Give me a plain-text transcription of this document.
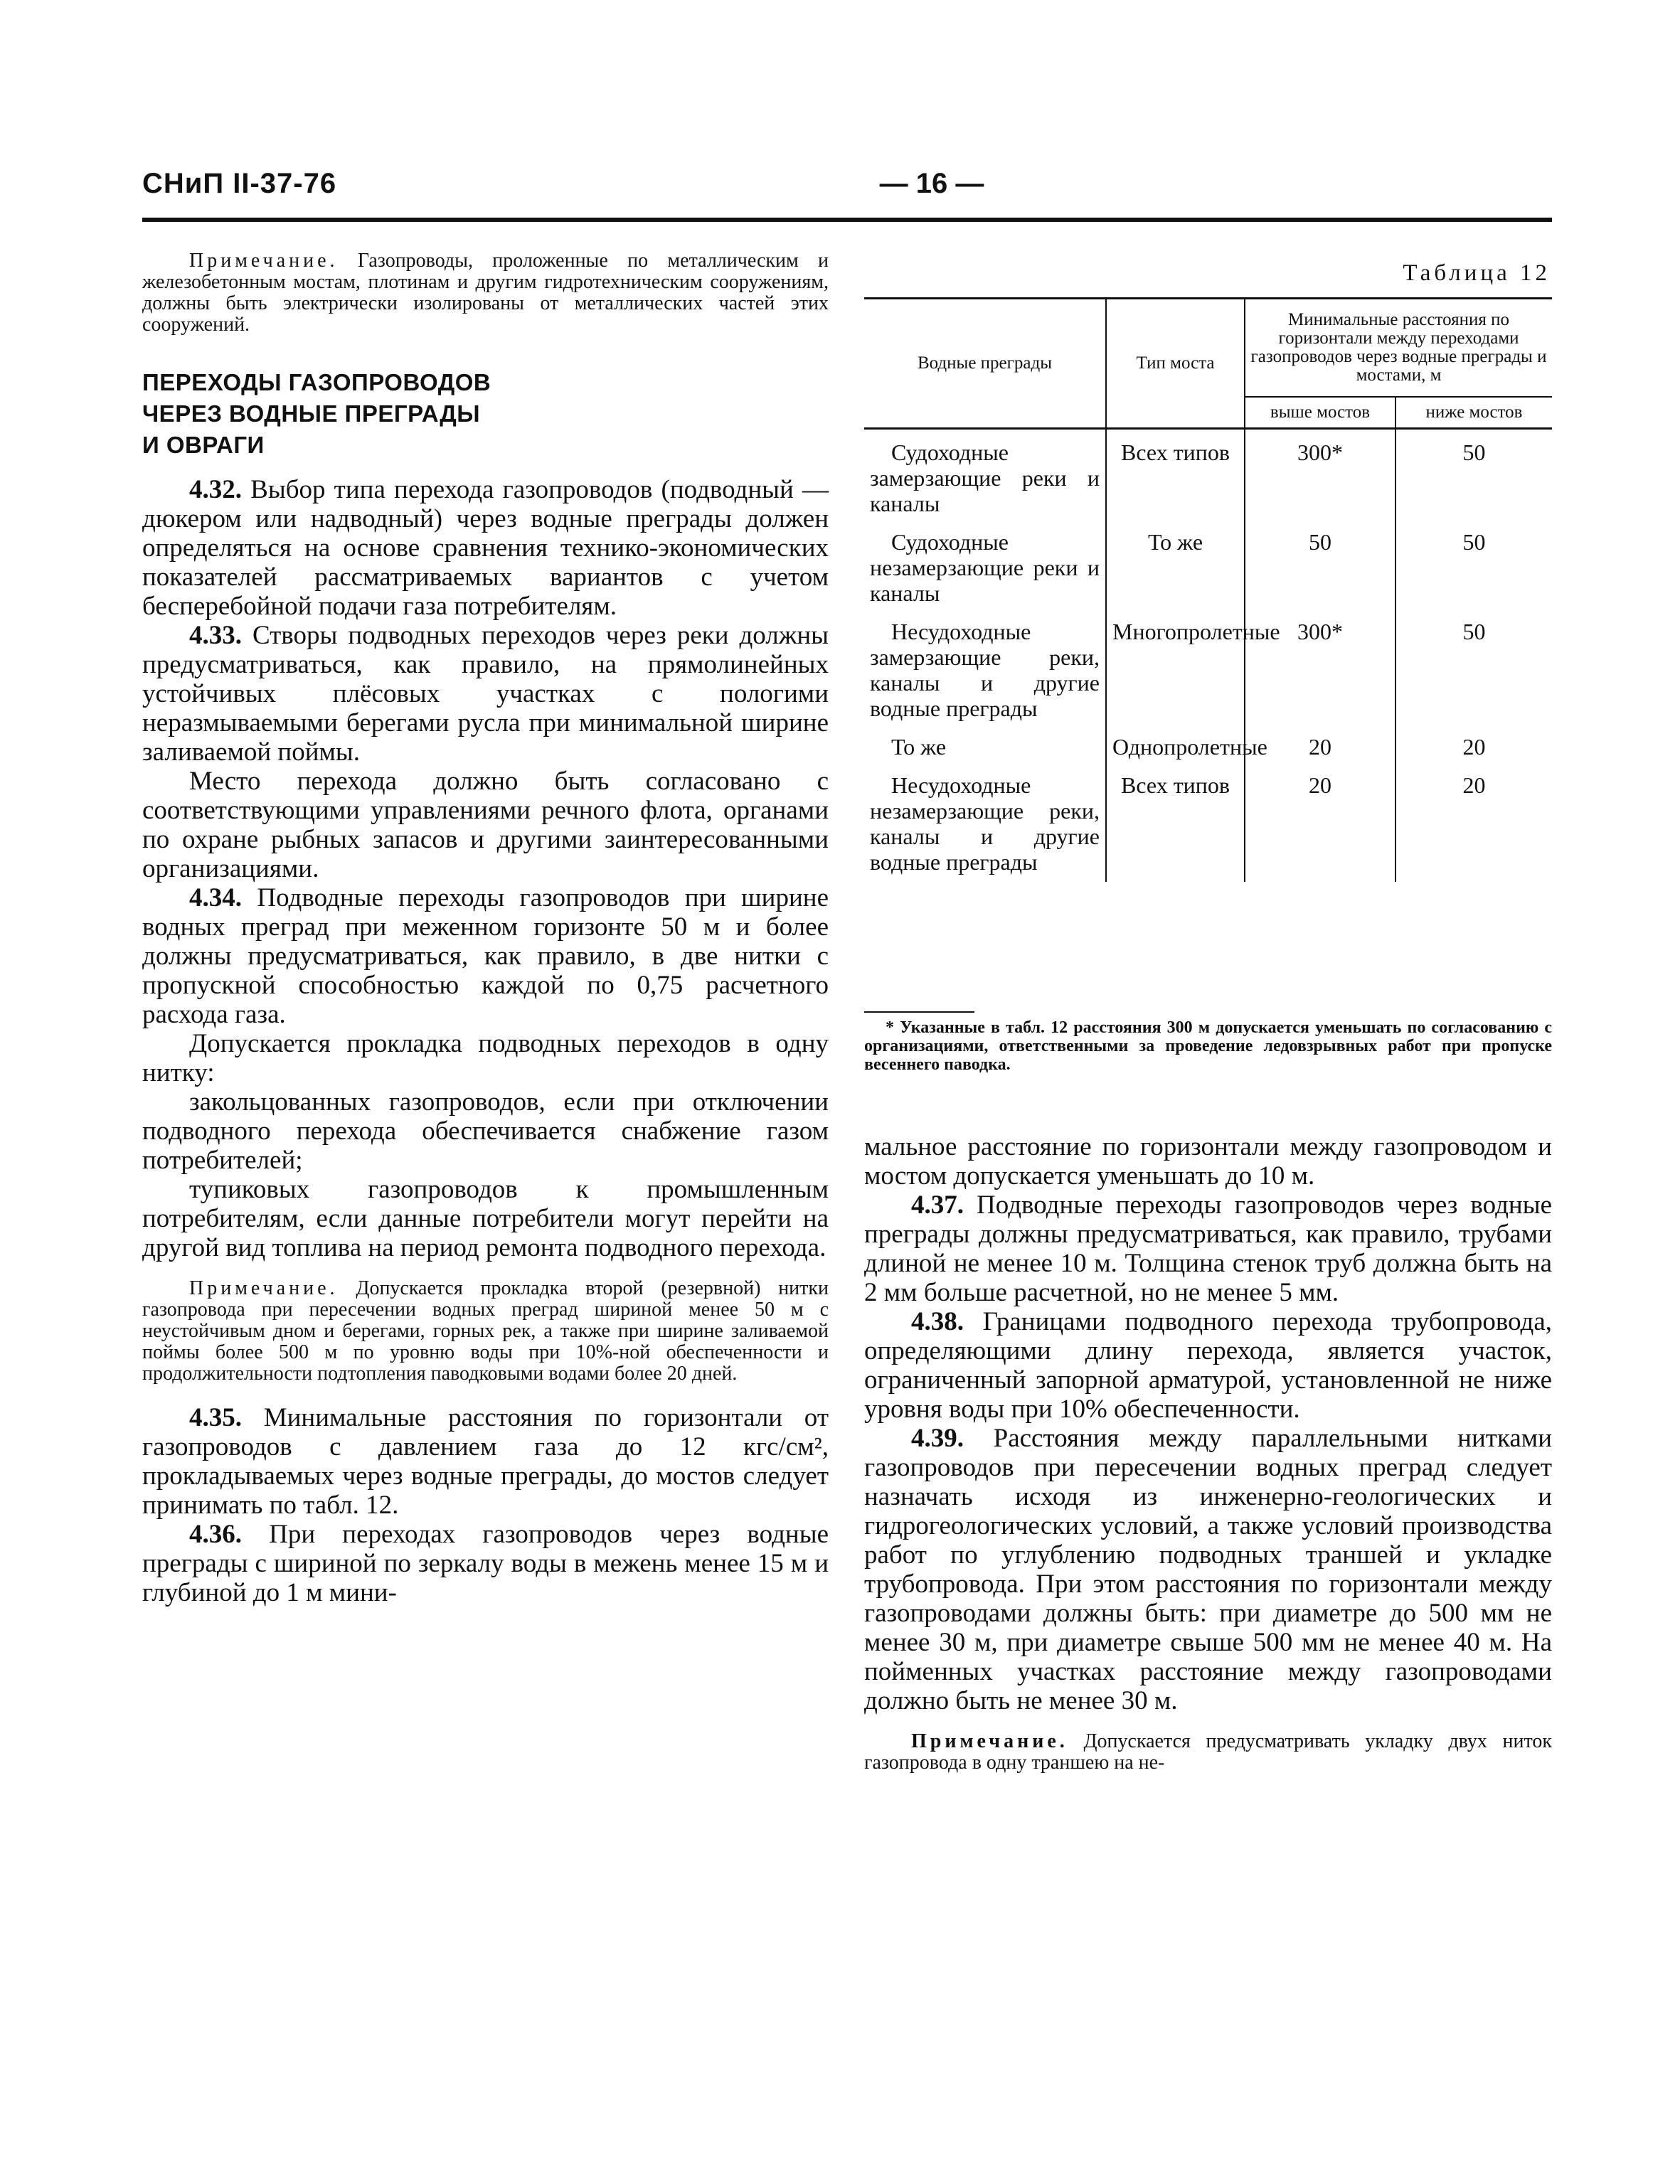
СНиП II-37-76	— 16 —

Примечание. Газопроводы, проложенные по металлическим и железобетонным мостам, плотинам и другим гидротехническим сооружениям, должны быть электрически изолированы от металлических частей этих сооружений.

ПЕРЕХОДЫ ГАЗОПРОВОДОВ

ЧЕРЕЗ ВОДНЫЕ ПРЕГРАДЫ

И ОВРАГИ

4.32. Выбор типа перехода газопроводов (подводный — дюкером или надводный) через водные преграды должен определяться на основе сравнения технико-экономических показателей рассматриваемых вариантов с учетом бесперебойной подачи газа потребителям.

4.33. Створы подводных переходов через реки должны предусматриваться, как правило, на прямолинейных устойчивых плёсовых участках с пологими неразмываемыми берегами русла при минимальной ширине заливаемой поймы.

Место перехода должно быть согласовано с соответствующими управлениями речного флота, органами по охране рыбных запасов и другими заинтересованными организациями.

4.34. Подводные переходы газопроводов при ширине водных преград при меженном горизонте 50 м и более должны предусматриваться, как правило, в две нитки с пропускной способностью каждой по 0,75 расчетного расхода газа.

Допускается прокладка подводных переходов в одну нитку:

закольцованных газопроводов, если при отключении подводного перехода обеспечивается снабжение газом потребителей;

тупиковых газопроводов к промышленным потребителям, если данные потребители могут перейти на другой вид топлива на период ремонта подводного перехода.

Примечание. Допускается прокладка второй (резервной) нитки газопровода при пересечении водных преград шириной менее 50 м с неустойчивым дном и берегами, горных рек, а также при ширине заливаемой поймы более 500 м по уровню воды при 10%-ной обеспеченности и продолжительности подтопления паводковыми водами более 20 дней.

4.35. Минимальные расстояния по горизонтали от газопроводов с давлением газа до 12 кгс/см², прокладываемых через водные преграды, до мостов следует принимать по табл. 12.

4.36. При переходах газопроводов через водные преграды с шириной по зеркалу воды в межень менее 15 м и глубиной до 1 м мини-

Таблица 12
Водные преграды	Тип моста	Минимальные расстояния по горизонтали между переходами газопроводов через водные преграды и мостами, м	
		выше мостов	ниже мостов
Судоходные замерзающие реки и каналы	Всех типов	300*	50
Судоходные незамерзающие реки и каналы	То же	50	50
Несудоходные замерзающие реки, каналы и другие водные преграды	Многопролетные	300*	50
То же	Однопролетные	20	20
Несудоходные незамерзающие реки, каналы и другие водные преграды	Всех типов	20	20
* Указанные в табл. 12 расстояния 300 м допускается уменьшать по согласованию с организациями, ответственными за проведение ледовзрывных работ при пропуске весеннего паводка.

мальное расстояние по горизонтали между газопроводом и мостом допускается уменьшать до 10 м.

4.37. Подводные переходы газопроводов через водные преграды должны предусматриваться, как правило, трубами длиной не менее 10 м. Толщина стенок труб должна быть на 2 мм больше расчетной, но не менее 5 мм.

4.38. Границами подводного перехода трубопровода, определяющими длину перехода, является участок, ограниченный запорной арматурой, установленной не ниже уровня воды при 10% обеспеченности.

4.39. Расстояния между параллельными нитками газопроводов при пересечении водных преград следует назначать исходя из инженерно-геологических и гидрогеологических условий, а также условий производства работ по углублению подводных траншей и укладке трубопровода. При этом расстояния по горизонтали между газопроводами должны быть: при диаметре до 500 мм не менее 30 м, при диаметре свыше 500 мм не менее 40 м. На пойменных участках расстояние между газопроводами должно быть не менее 30 м.

Примечание. Допускается предусматривать укладку двух ниток газопровода в одну траншею на не-
